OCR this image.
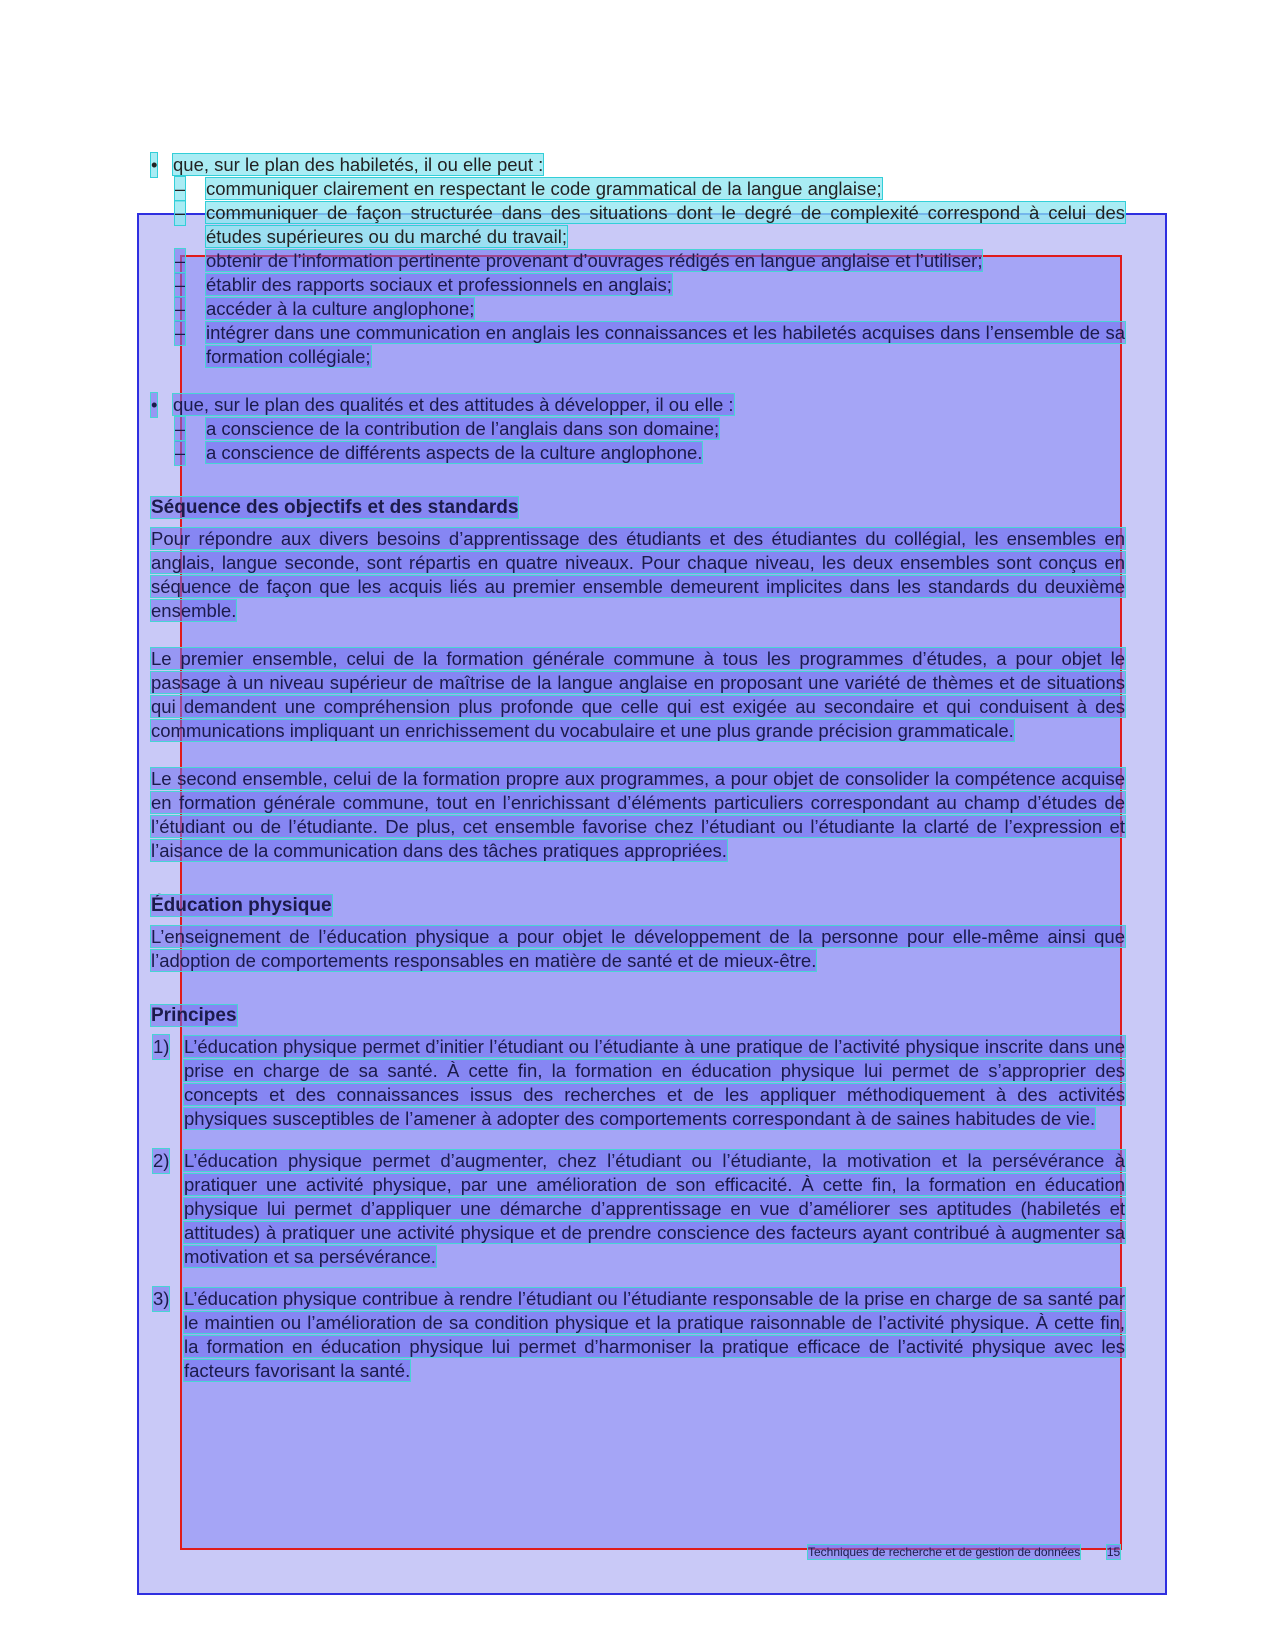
• que, sur le plan des habiletés, il ou elle peut :
– communiquer clairement en respectant le code grammatical de la langue anglaise;
– communiquer de façon structurée dans des situations dont le degré de complexité correspond à celui des études supérieures ou du marché du travail;
– obtenir de l’information pertinente provenant d’ouvrages rédigés en langue anglaise et l’utiliser;
– établir des rapports sociaux et professionnels en anglais;
– accéder à la culture anglophone;
– intégrer dans une communication en anglais les connaissances et les habiletés acquises dans l’ensemble de sa formation collégiale;
• que, sur le plan des qualités et des attitudes à développer, il ou elle :
– a conscience de la contribution de l’anglais dans son domaine;
– a conscience de différents aspects de la culture anglophone.
Séquence des objectifs et des standards

Pour répondre aux divers besoins d’apprentissage des étudiants et des étudiantes du collégial, les ensembles en anglais, langue seconde, sont répartis en quatre niveaux. Pour chaque niveau, les deux ensembles sont conçus en séquence de façon que les acquis liés au premier ensemble demeurent implicites dans les standards du deuxième ensemble.

Le premier ensemble, celui de la formation générale commune à tous les programmes d’études, a pour objet le passage à un niveau supérieur de maîtrise de la langue anglaise en proposant une variété de thèmes et de situations qui demandent une compréhension plus profonde que celle qui est exigée au secondaire et qui conduisent à des communications impliquant un enrichissement du vocabulaire et une plus grande précision grammaticale.

Le second ensemble, celui de la formation propre aux programmes, a pour objet de consolider la compétence acquise en formation générale commune, tout en l’enrichissant d’éléments particuliers correspondant au champ d’études de l’étudiant ou de l’étudiante. De plus, cet ensemble favorise chez l’étudiant ou l’étudiante la clarté de l’expression et l’aisance de la communication dans des tâches pratiques appropriées.

Éducation physique

L’enseignement de l’éducation physique a pour objet le développement de la personne pour elle-même ainsi que l’adoption de comportements responsables en matière de santé et de mieux-être.

Principes
1) L’éducation physique permet d’initier l’étudiant ou l’étudiante à une pratique de l’activité physique inscrite dans une prise en charge de sa santé. À cette fin, la formation en éducation physique lui permet de s’approprier des concepts et des connaissances issus des recherches et de les appliquer méthodiquement à des activités physiques susceptibles de l’amener à adopter des comportements correspondant à de saines habitudes de vie.
2) L’éducation physique permet d’augmenter, chez l’étudiant ou l’étudiante, la motivation et la persévérance à pratiquer une activité physique, par une amélioration de son efficacité. À cette fin, la formation en éducation physique lui permet d’appliquer une démarche d’apprentissage en vue d’améliorer ses aptitudes (habiletés et attitudes) à pratiquer une activité physique et de prendre conscience des facteurs ayant contribué à augmenter sa motivation et sa persévérance.
3) L’éducation physique contribue à rendre l’étudiant ou l’étudiante responsable de la prise en charge de sa santé par le maintien ou l’amélioration de sa condition physique et la pratique raisonnable de l’activité physique. À cette fin, la formation en éducation physique lui permet d’harmoniser la pratique efficace de l’activité physique avec les facteurs favorisant la santé.
Techniques de recherche et de gestion de données 15
